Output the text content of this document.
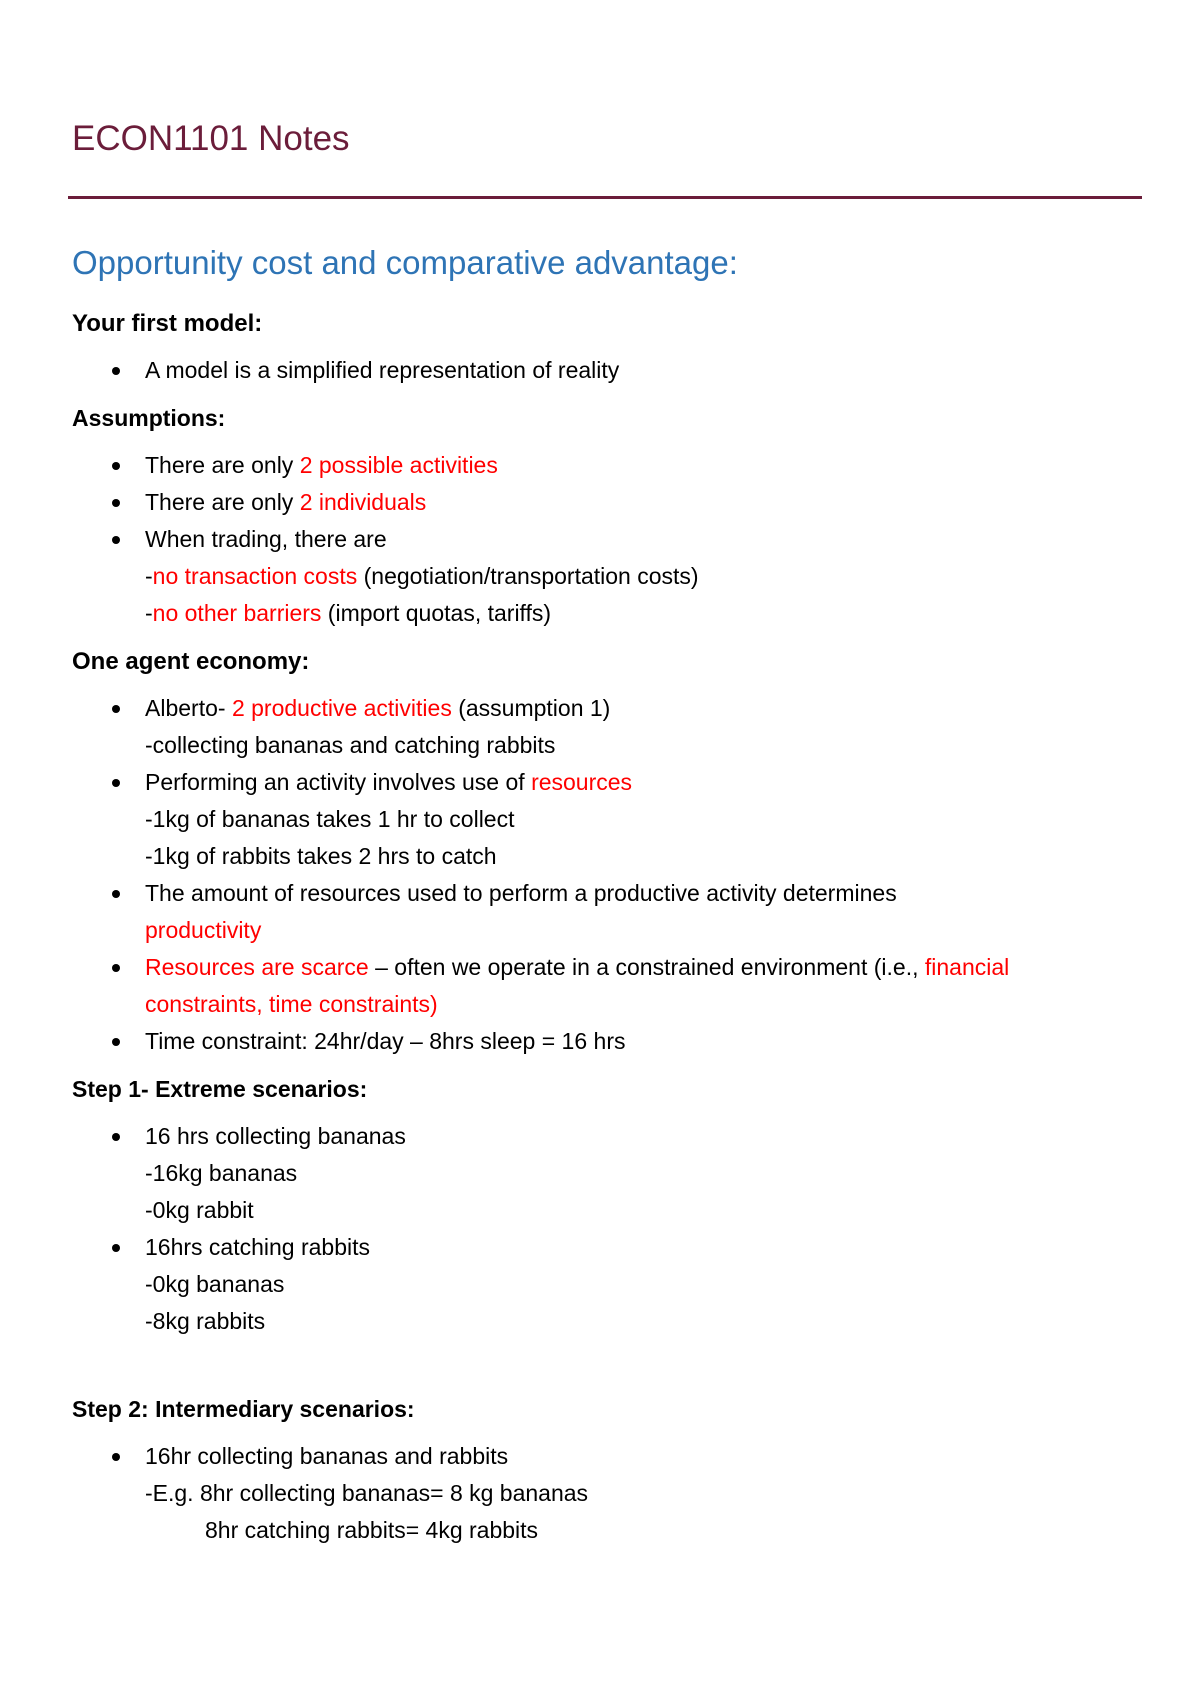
ECON1101 Notes
Opportunity cost and comparative advantage:

Your first model:

A model is a simplified representation of reality

Assumptions:

There are only 2 possible activities
There are only 2 individuals
When trading, there are
-no transaction costs (negotiation/transportation costs)
-no other barriers (import quotas, tariffs)

One agent economy:

Alberto- 2 productive activities (assumption 1)
-collecting bananas and catching rabbits
Performing an activity involves use of resources
-1kg of bananas takes 1 hr to collect
-1kg of rabbits takes 2 hrs to catch
The amount of resources used to perform a productive activity determines
productivity
Resources are scarce – often we operate in a constrained environment (i.e., financial
constraints, time constraints)
Time constraint: 24hr/day – 8hrs sleep = 16 hrs

Step 1- Extreme scenarios:

16 hrs collecting bananas
-16kg bananas
-0kg rabbit
16hrs catching rabbits
-0kg bananas
-8kg rabbits

Step 2: Intermediary scenarios:

16hr collecting bananas and rabbits
-E.g. 8hr collecting bananas= 8 kg bananas
8hr catching rabbits= 4kg rabbits
